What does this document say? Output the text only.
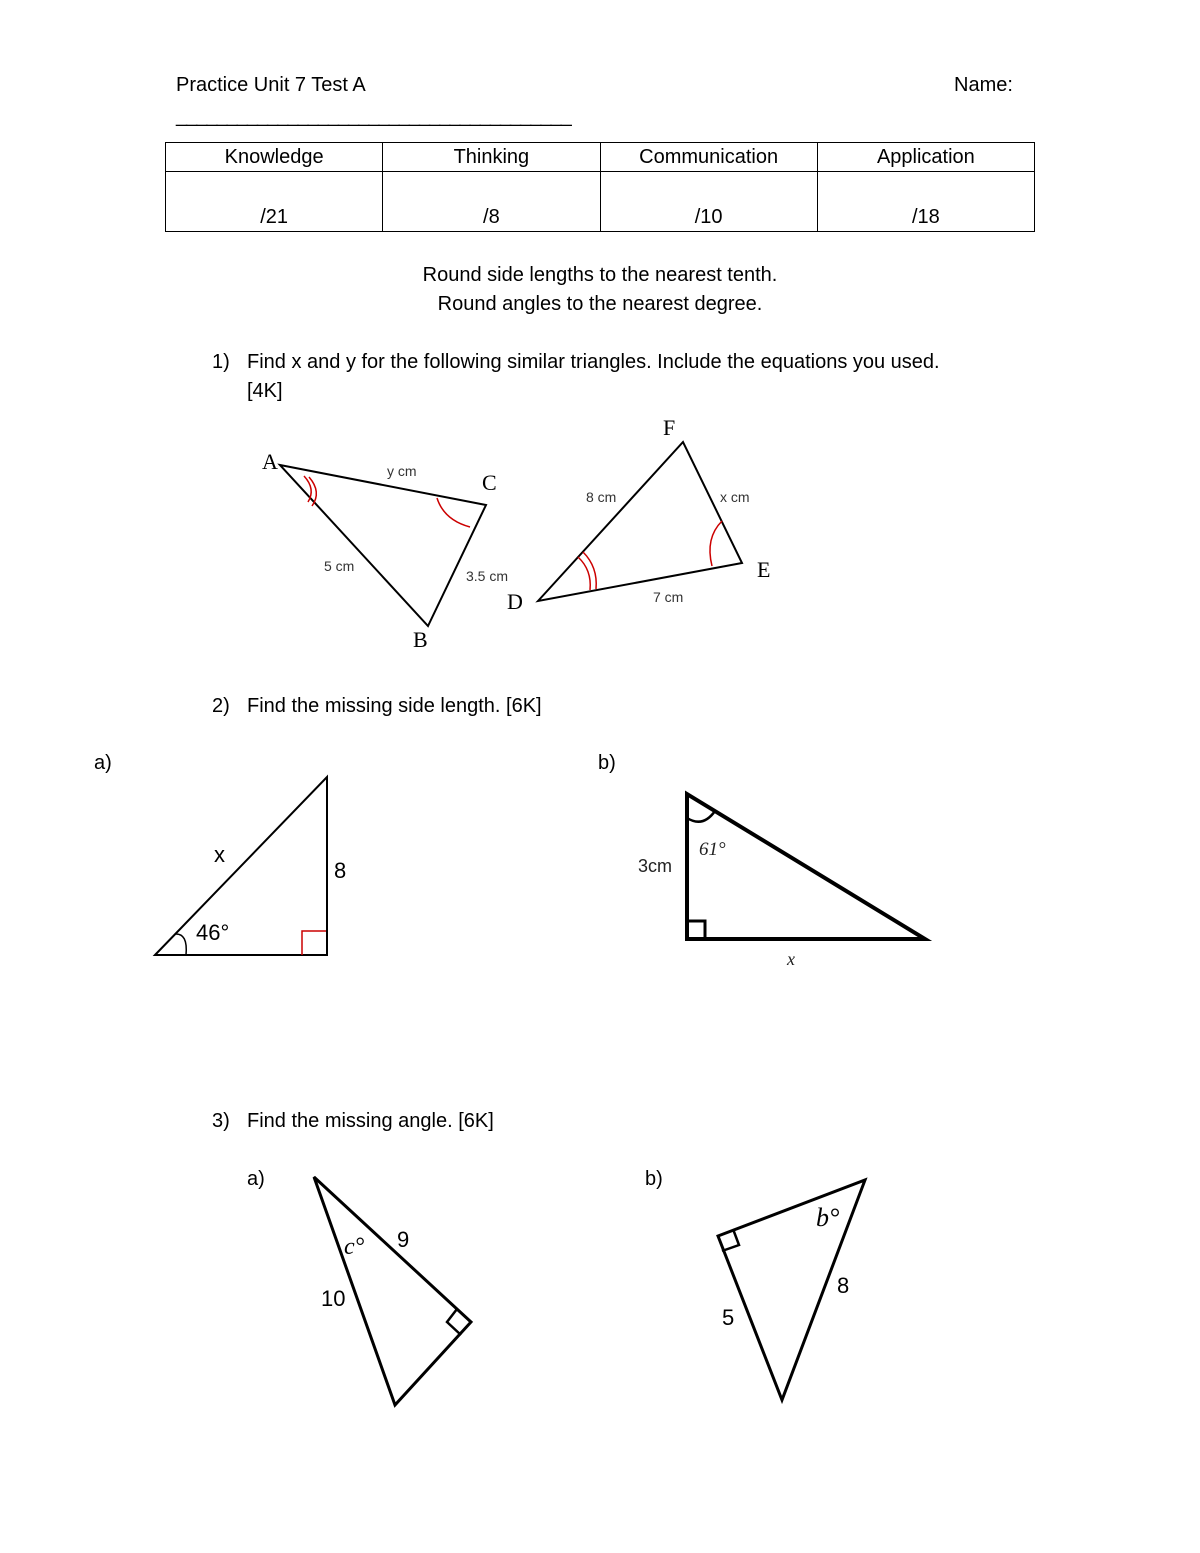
Practice Unit 7 Test A	Name:
_______________________________________
Knowledge	Thinking	Communication	Application
/21	/8	/10	/18
Round side lengths to the nearest tenth.
Round angles to the nearest degree.
1) Find x and y for the following similar triangles. Include the equations you used.
[4K]
A
B
C
y cm
5 cm
3.5 cm
D
E
F
8 cm	x cm
7 cm
2) Find the missing side length. [6K]
a)	b)
x
8
46°
61°
3cm
x
3) Find the missing angle. [6K]
a)	b)
c° 9
10
b°
8
5
